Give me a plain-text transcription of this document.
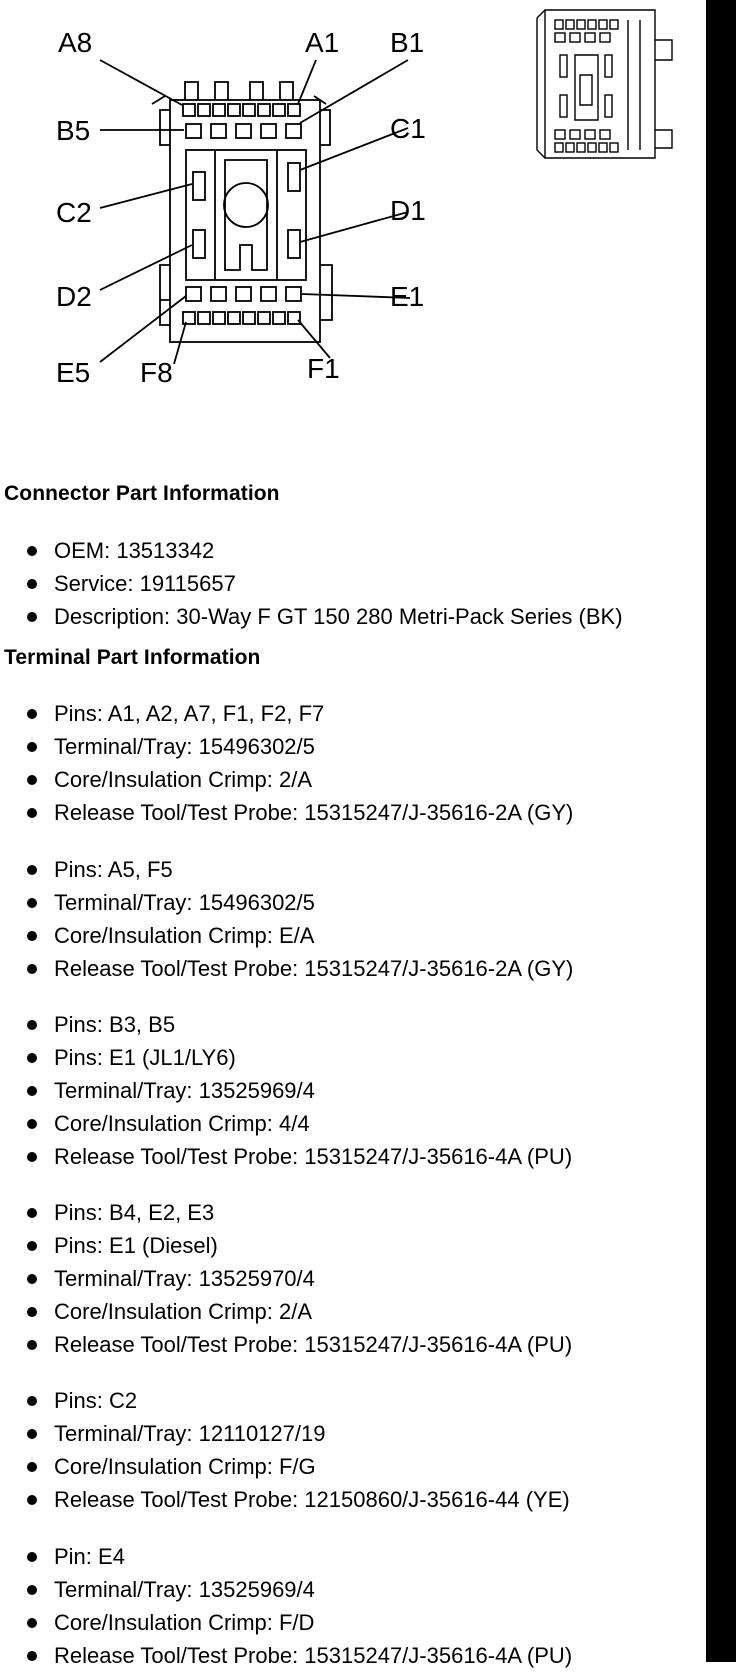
A8	A1 B1
B5	C1
C2	D1
D2	E1
E5 F8	F1
Connector Part Information
OEM: 13513342
Service: 19115657
Description: 30-Way F GT 150 280 Metri-Pack Series (BK)
Terminal Part Information
Pins: A1, A2, A7, F1, F2, F7
Terminal/Tray: 15496302/5
Core/Insulation Crimp: 2/A
Release Tool/Test Probe: 15315247/J-35616-2A (GY)
Pins: A5, F5
Terminal/Tray: 15496302/5
Core/Insulation Crimp: E/A
Release Tool/Test Probe: 15315247/J-35616-2A (GY)
Pins: B3, B5
Pins: E1 (JL1/LY6)
Terminal/Tray: 13525969/4
Core/Insulation Crimp: 4/4
Release Tool/Test Probe: 15315247/J-35616-4A (PU)
Pins: B4, E2, E3
Pins: E1 (Diesel)
Terminal/Tray: 13525970/4
Core/Insulation Crimp: 2/A
Release Tool/Test Probe: 15315247/J-35616-4A (PU)
Pins: C2
Terminal/Tray: 12110127/19
Core/Insulation Crimp: F/G
Release Tool/Test Probe: 12150860/J-35616-44 (YE)
Pin: E4
Terminal/Tray: 13525969/4
Core/Insulation Crimp: F/D
Release Tool/Test Probe: 15315247/J-35616-4A (PU)
